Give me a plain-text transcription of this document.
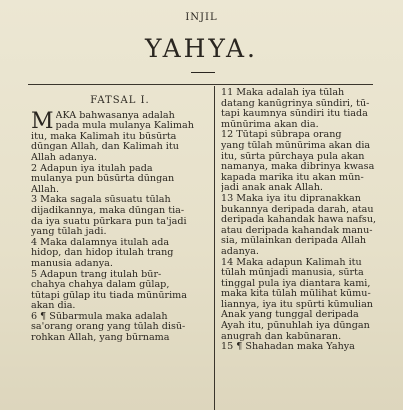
INJIL
YAHYA.
FATSAL I.
M AKA bahwasanya adalah
pada mula mulanya Kalimah
itu, maka Kalimah itu būsūrta
dūngan Allah, dan Kalimah itu
Allah adanya.
2 Adapun iya itulah pada
mulanya pun būsūrta dūngan
Allah.
3 Maka sagala sūsuatu tūlah
dijadikannya, maka dūngan tia-
da iya suatu pūrkara pun ta'jadi
yang tūlah jadi.
4 Maka dalamnya itulah ada
hidop, dan hidop itulah trang
manusia adanya.
5 Adapun trang itulah būr-
chahya chahya dalam gūlap,
tūtapi gūlap itu tiada mūnūrima
akan dia.
6 ¶ Sūbarmula maka adalah
sa'orang orang yang tūlah disū-
rohkan Allah, yang būrnama
11 Maka adalah iya tūlah
datang kanūgrinya sūndiri, tū-
tapi kaumnya sūndiri itu tiada
mūnūrima akan dia.
12 Tūtapi sūbrapa orang
yang tūlah mūnūrima akan dia
itu, sūrta pūrchaya pula akan
namanya, maka dibrinya kwasa
kapada marika itu akan mūn-
jadi anak anak Allah.
13 Maka iya itu dipranakkan
bukannya deripada darah, atau
deripada kahandak hawa nafsu,
atau deripada kahandak manu-
sia, mūlainkan deripada Allah
adanya.
14 Maka adapun Kalimah itu
tūlah mūnjadi manusia, sūrta
tinggal pula iya diantara kami,
maka kita tūlah mūlihat kūmu-
liannya, iya itu spūrti kūmulian
Anak yang tunggal deripada
Ayah itu, pūnuhlah iya dūngan
anugrah dan kabūnaran.
15 ¶ Shahadan maka Yahya
